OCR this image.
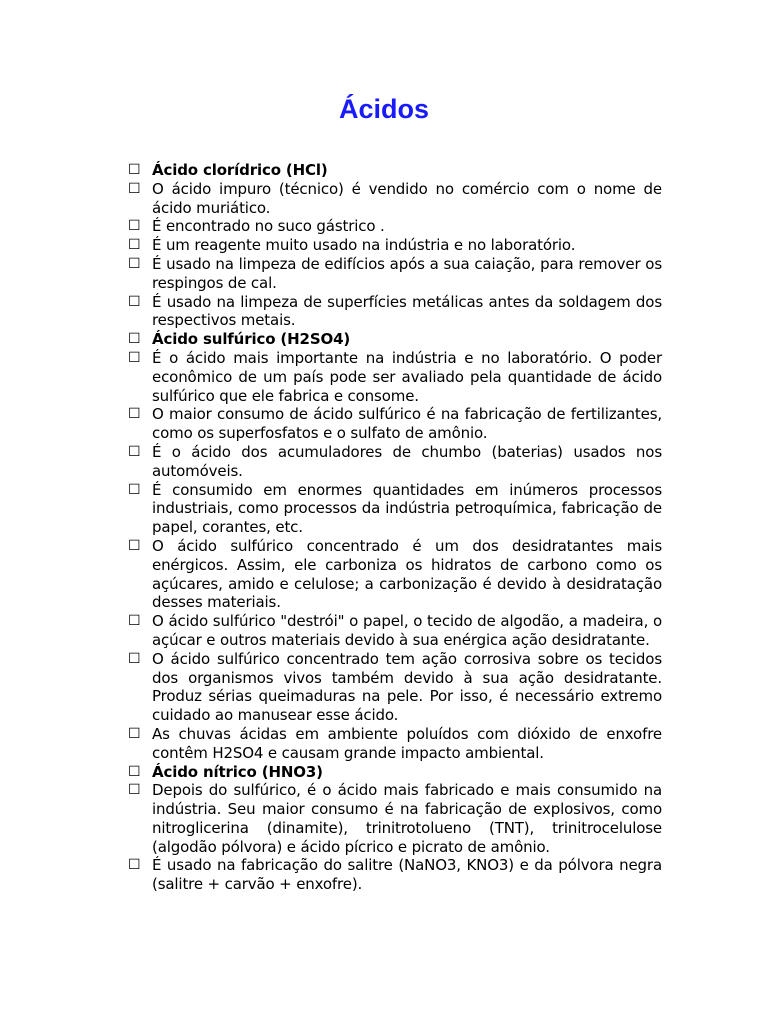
Ácidos
☐ Ácido clorídrico (HCl)
☐ O ácido impuro (técnico) é vendido no comércio com o nome de ácido muriático.
☐ É encontrado no suco gástrico .
☐ É um reagente muito usado na indústria e no laboratório.
☐ É usado na limpeza de edifícios após a sua caiação, para remover os respingos de cal.
☐ É usado na limpeza de superfícies metálicas antes da soldagem dos respectivos metais.
☐ Ácido sulfúrico (H2SO4)
☐ É o ácido mais importante na indústria e no laboratório. O poder econômico de um país pode ser avaliado pela quantidade de ácido sulfúrico que ele fabrica e consome.
☐ O maior consumo de ácido sulfúrico é na fabricação de fertilizantes, como os superfosfatos e o sulfato de amônio.
☐ É o ácido dos acumuladores de chumbo (baterias) usados nos automóveis.
☐ É consumido em enormes quantidades em inúmeros processos industriais, como processos da indústria petroquímica, fabricação de papel, corantes, etc.
☐ O ácido sulfúrico concentrado é um dos desidratantes mais enérgicos. Assim, ele carboniza os hidratos de carbono como os açúcares, amido e celulose; a carbonização é devido à desidratação desses materiais.
☐ O ácido sulfúrico "destrói" o papel, o tecido de algodão, a madeira, o açúcar e outros materiais devido à sua enérgica ação desidratante.
☐ O ácido sulfúrico concentrado tem ação corrosiva sobre os tecidos dos organismos vivos também devido à sua ação desidratante. Produz sérias queimaduras na pele. Por isso, é necessário extremo cuidado ao manusear esse ácido.
☐ As chuvas ácidas em ambiente poluídos com dióxido de enxofre contêm H2SO4 e causam grande impacto ambiental.
☐ Ácido nítrico (HNO3)
☐ Depois do sulfúrico, é o ácido mais fabricado e mais consumido na indústria. Seu maior consumo é na fabricação de explosivos, como nitroglicerina (dinamite), trinitrotolueno (TNT), trinitrocelulose (algodão pólvora) e ácido pícrico e picrato de amônio.
☐ É usado na fabricação do salitre (NaNO3, KNO3) e da pólvora negra (salitre + carvão + enxofre).
